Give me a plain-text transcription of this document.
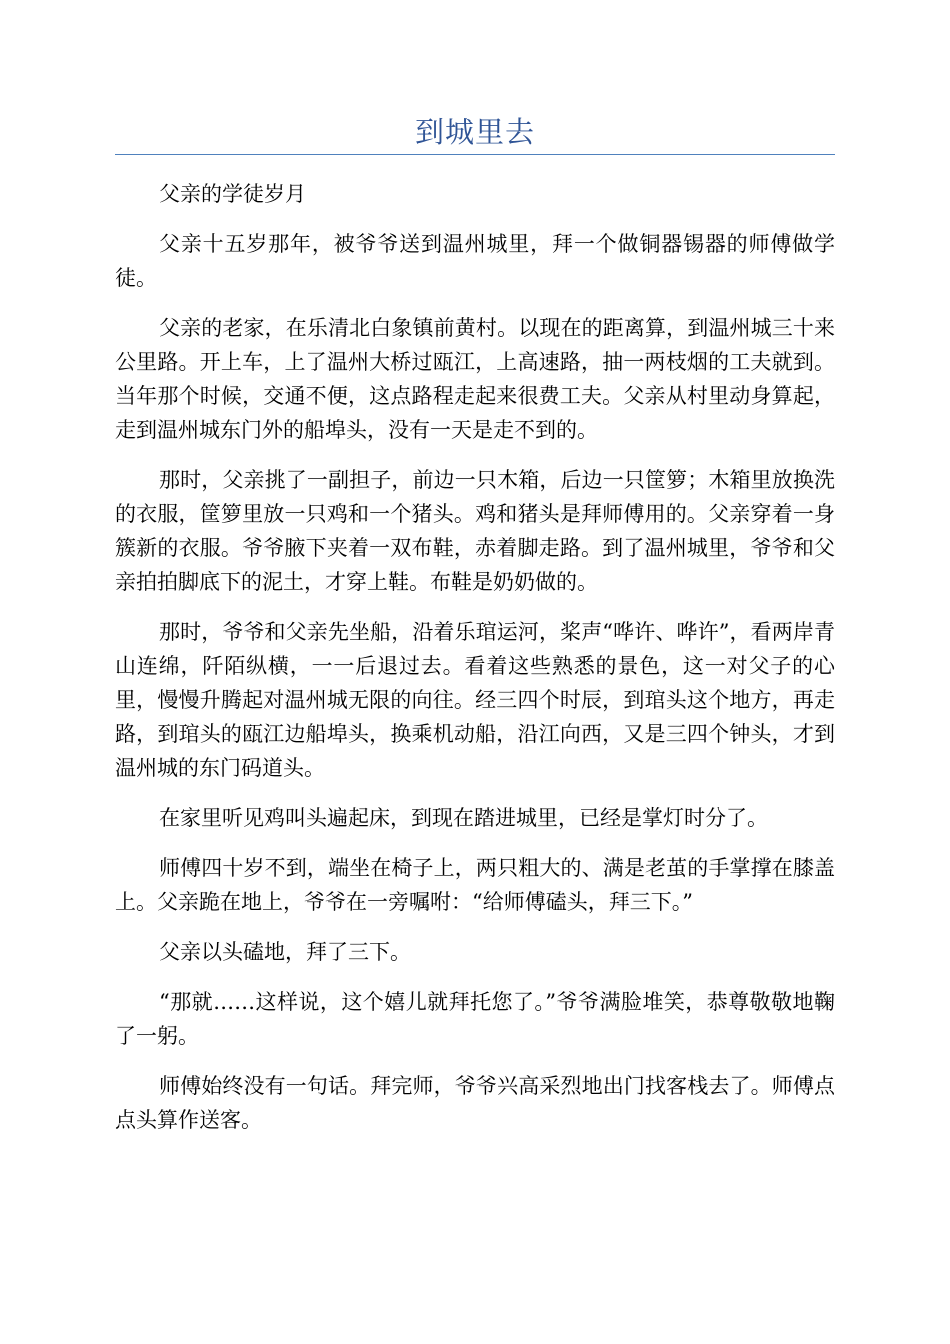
到城里去

父亲的学徒岁月

父亲十五岁那年，被爷爷送到温州城里，拜一个做铜器锡器的师傅做学徒。

父亲的老家，在乐清北白象镇前黄村。以现在的距离算，到温州城三十来公里路。开上车，上了温州大桥过瓯江，上高速路，抽一两枝烟的工夫就到。当年那个时候，交通不便，这点路程走起来很费工夫。父亲从村里动身算起，走到温州城东门外的船埠头，没有一天是走不到的。

那时，父亲挑了一副担子，前边一只木箱，后边一只筐箩；木箱里放换洗的衣服，筐箩里放一只鸡和一个猪头。鸡和猪头是拜师傅用的。父亲穿着一身簇新的衣服。爷爷腋下夹着一双布鞋，赤着脚走路。到了温州城里，爷爷和父亲拍拍脚底下的泥土，才穿上鞋。布鞋是奶奶做的。

那时，爷爷和父亲先坐船，沿着乐琯运河，桨声“哗许、哗许”，看两岸青山连绵，阡陌纵横，一一后退过去。看着这些熟悉的景色，这一对父子的心里，慢慢升腾起对温州城无限的向往。经三四个时辰，到琯头这个地方，再走路，到琯头的瓯江边船埠头，换乘机动船，沿江向西，又是三四个钟头，才到温州城的东门码道头。

在家里听见鸡叫头遍起床，到现在踏进城里，已经是掌灯时分了。

师傅四十岁不到，端坐在椅子上，两只粗大的、满是老茧的手掌撑在膝盖上。父亲跪在地上，爷爷在一旁嘱咐：“给师傅磕头，拜三下。”

父亲以头磕地，拜了三下。

“那就……这样说，这个嬉儿就拜托您了。”爷爷满脸堆笑，恭尊敬敬地鞠了一躬。

师傅始终没有一句话。拜完师，爷爷兴高采烈地出门找客栈去了。师傅点点头算作送客。
